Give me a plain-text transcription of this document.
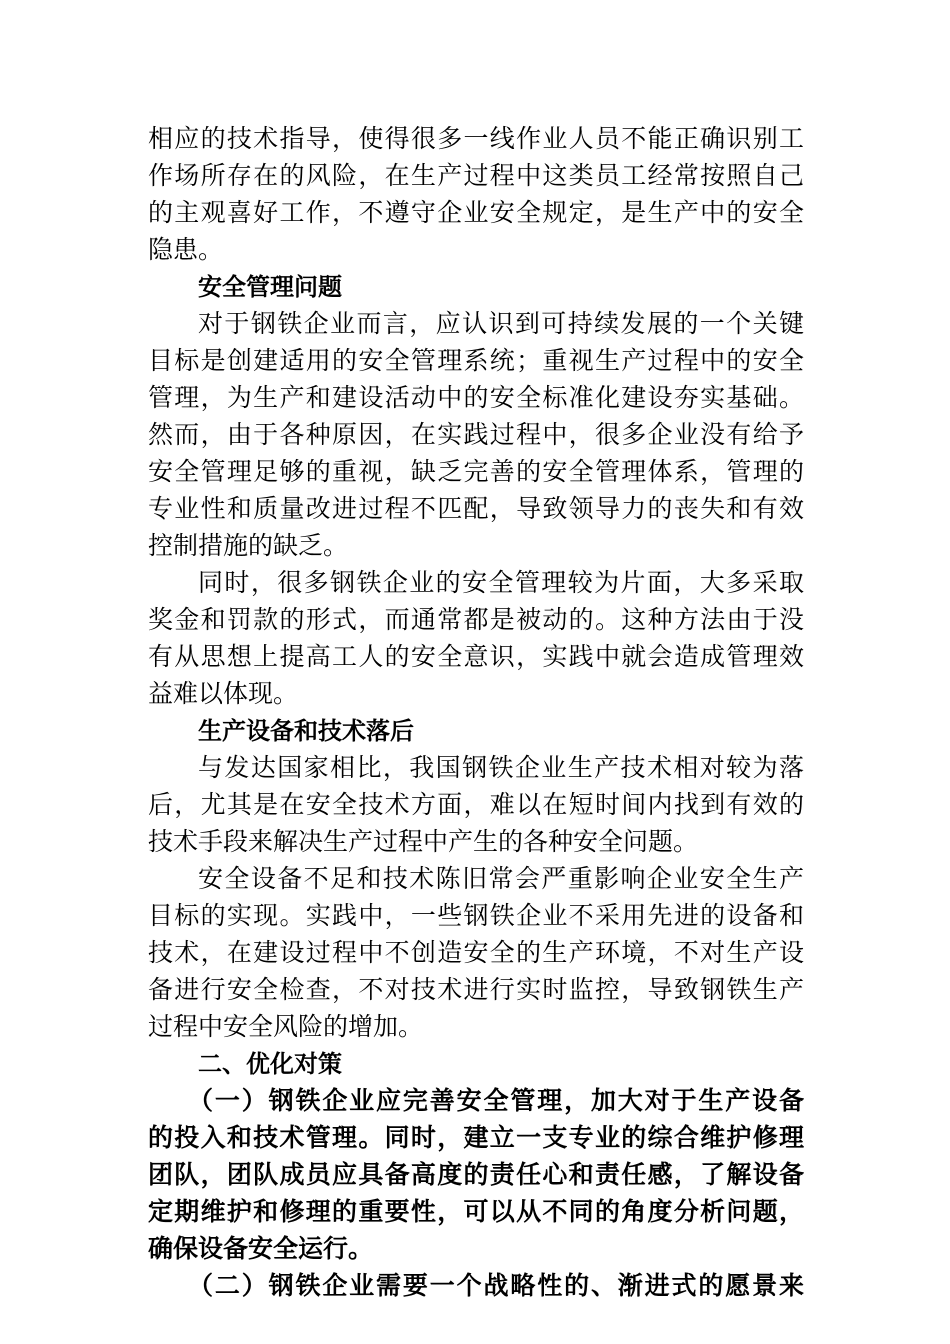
相应的技术指导，使得很多一线作业人员不能正确识别工
作场所存在的风险，在生产过程中这类员工经常按照自己
的主观喜好工作，不遵守企业安全规定，是生产中的安全
隐患。
安全管理问题
对于钢铁企业而言，应认识到可持续发展的一个关键
目标是创建适用的安全管理系统；重视生产过程中的安全
管理，为生产和建设活动中的安全标准化建设夯实基础。
然而，由于各种原因，在实践过程中，很多企业没有给予
安全管理足够的重视，缺乏完善的安全管理体系，管理的
专业性和质量改进过程不匹配，导致领导力的丧失和有效
控制措施的缺乏。
同时，很多钢铁企业的安全管理较为片面，大多采取
奖金和罚款的形式，而通常都是被动的。这种方法由于没
有从思想上提高工人的安全意识，实践中就会造成管理效
益难以体现。
生产设备和技术落后
与发达国家相比，我国钢铁企业生产技术相对较为落
后，尤其是在安全技术方面，难以在短时间内找到有效的
技术手段来解决生产过程中产生的各种安全问题。
安全设备不足和技术陈旧常会严重影响企业安全生产
目标的实现。实践中，一些钢铁企业不采用先进的设备和
技术，在建设过程中不创造安全的生产环境，不对生产设
备进行安全检查，不对技术进行实时监控，导致钢铁生产
过程中安全风险的增加。
二、优化对策
（一）钢铁企业应完善安全管理，加大对于生产设备
的投入和技术管理。同时，建立一支专业的综合维护修理
团队，团队成员应具备高度的责任心和责任感，了解设备
定期维护和修理的重要性，可以从不同的角度分析问题，
确保设备安全运行。
（二）钢铁企业需要一个战略性的、渐进式的愿景来
